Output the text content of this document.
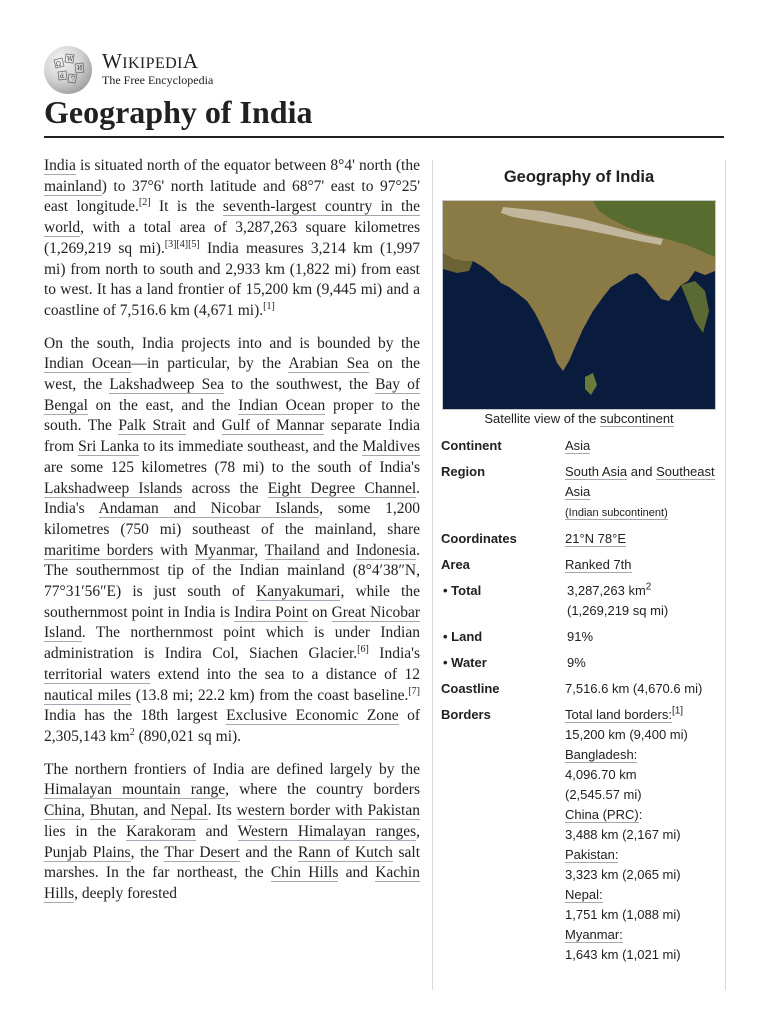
Ω
W
И
ά ウ
WIKIPEDIA
The Free Encyclopedia
Geography of India

India is situated north of the equator between 8°4' north (the mainland) to 37°6' north latitude and 68°7' east to 97°25' east longitude.[2] It is the seventh-largest country in the world, with a total area of 3,287,263 square kilometres (1,269,219 sq mi).[3][4][5] India measures 3,214 km (1,997 mi) from north to south and 2,933 km (1,822 mi) from east to west. It has a land frontier of 15,200 km (9,445 mi) and a coastline of 7,516.6 km (4,671 mi).[1]

On the south, India projects into and is bounded by the Indian Ocean—in particular, by the Arabian Sea on the west, the Lakshadweep Sea to the southwest, the Bay of Bengal on the east, and the Indian Ocean proper to the south. The Palk Strait and Gulf of Mannar separate India from Sri Lanka to its immediate southeast, and the Maldives are some 125 kilometres (78 mi) to the south of India's Lakshadweep Islands across the Eight Degree Channel. India's Andaman and Nicobar Islands, some 1,200 kilometres (750 mi) southeast of the mainland, share maritime borders with Myanmar, Thailand and Indonesia. The southernmost tip of the Indian mainland (8°4′38″N, 77°31′56″E) is just south of Kanyakumari, while the southernmost point in India is Indira Point on Great Nicobar Island. The northernmost point which is under Indian administration is Indira Col, Siachen Glacier.[6] India's territorial waters extend into the sea to a distance of 12 nautical miles (13.8 mi; 22.2 km) from the coast baseline.[7] India has the 18th largest Exclusive Economic Zone of 2,305,143 $km^2$ (890,021 sq mi).

The northern frontiers of India are defined largely by the Himalayan mountain range, where the country borders China, Bhutan, and Nepal. Its western border with Pakistan lies in the Karakoram and Western Himalayan ranges, Punjab Plains, the Thar Desert and the Rann of Kutch salt marshes. In the far northeast, the Chin Hills and Kachin Hills, deeply forested

Geography of India
Satellite view of the subcontinent
Continent	Asia
Region	South Asia and Southeast Asia
(Indian subcontinent)
Coordinates	21°N 78°E
Area	Ranked 7th
• Total	3,287,263 $km^2$
(1,269,219 sq mi)
• Land	91%
• Water	9%
Coastline	7,516.6 km (4,670.6 mi)
Borders	Total land borders:[1]
15,200 km (9,400 mi)
Bangladesh:
4,096.70 km
(2,545.57 mi)
China (PRC):
3,488 km (2,167 mi)
Pakistan:
3,323 km (2,065 mi)
Nepal:
1,751 km (1,088 mi)
Myanmar:
1,643 km (1,021 mi)
